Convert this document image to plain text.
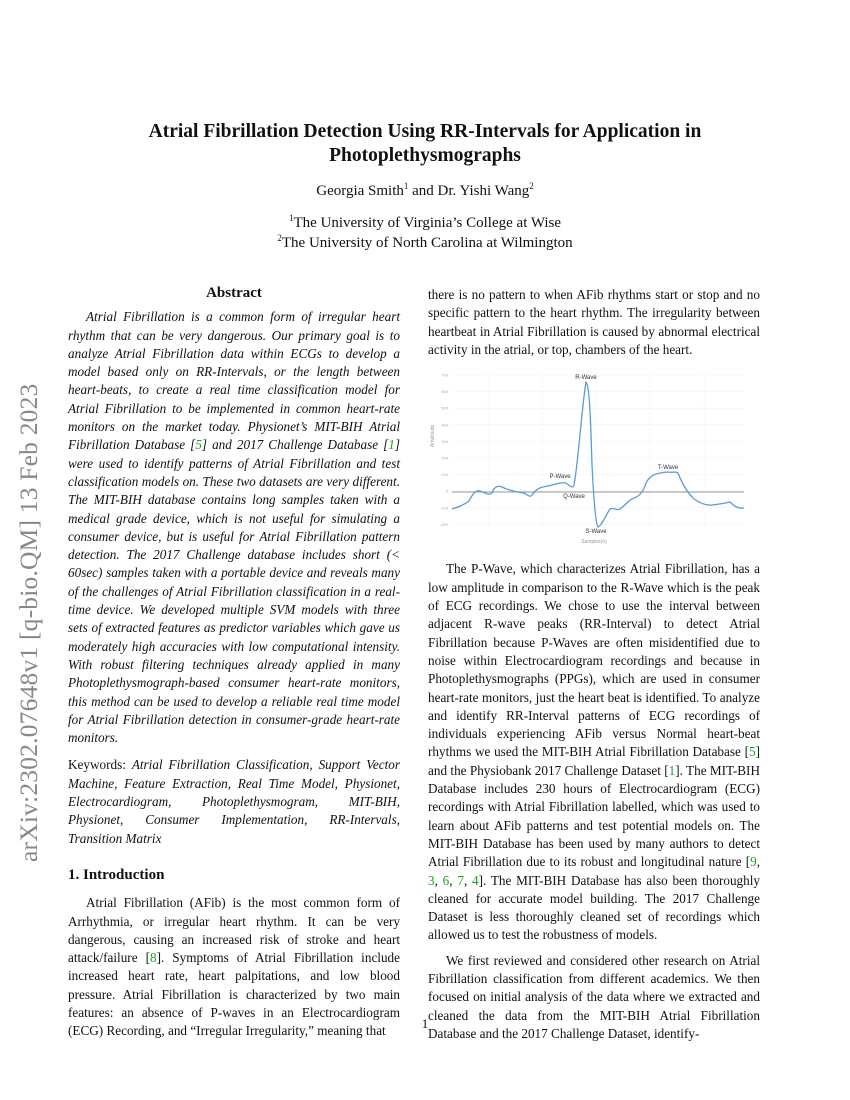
arXiv:2302.07648v1 [q-bio.QM] 13 Feb 2023
Atrial Fibrillation Detection Using RR-Intervals for Application in Photoplethysmographs
Georgia Smith$^1$ and Dr. Yishi Wang$^2$
$^1$The University of Virginia’s College at Wise
$^2$The University of North Carolina at Wilmington
Abstract

Atrial Fibrillation is a common form of irregular heart rhythm that can be very dangerous. Our primary goal is to analyze Atrial Fibrillation data within ECGs to develop a model based only on RR-Intervals, or the length between heart-beats, to create a real time classification model for Atrial Fibrillation to be implemented in common heart-rate monitors on the market today. Physionet’s MIT-BIH Atrial Fibrillation Database [5] and 2017 Challenge Database [1] were used to identify patterns of Atrial Fibrillation and test classification models on. These two datasets are very different. The MIT-BIH database contains long samples taken with a medical grade device, which is not useful for simulating a consumer device, but is useful for Atrial Fibrillation pattern detection. The 2017 Challenge database includes short (< 60sec) samples taken with a portable device and reveals many of the challenges of Atrial Fibrillation classification in a real-time device. We developed multiple SVM models with three sets of extracted features as predictor variables which gave us moderately high accuracies with low computational intensity. With robust filtering techniques already applied in many Photoplethysmograph-based consumer heart-rate monitors, this method can be used to develop a reliable real time model for Atrial Fibrillation detection in consumer-grade heart-rate monitors.

Keywords: Atrial Fibrillation Classification, Support Vector Machine, Feature Extraction, Real Time Model, Physionet, Electrocardiogram, Photoplethysmogram, MIT-BIH, Physionet, Consumer Implementation, RR-Intervals, Transition Matrix

1. Introduction

Atrial Fibrillation (AFib) is the most common form of Arrhythmia, or irregular heart rhythm. It can be very dangerous, causing an increased risk of stroke and heart attack/failure [8]. Symptoms of Atrial Fibrillation include increased heart rate, heart palpitations, and low blood pressure. Atrial Fibrillation is characterized by two main features: an absence of P-waves in an Electrocardiogram (ECG) Recording, and “Irregular Irregularity,” meaning that

there is no pattern to when AFib rhythms start or stop and no specific pattern to the heart rhythm. The irregularity between heartbeat in Atrial Fibrillation is caused by abnormal electrical activity in the atrial, or top, chambers of the heart.

Amplitude
Samples(n)
700
600
500
400
300
200
100
0
-100
-200
R-Wave
P-Wave
Q-Wave
S-Wave
T-Wave

The P-Wave, which characterizes Atrial Fibrillation, has a low amplitude in comparison to the R-Wave which is the peak of ECG recordings. We chose to use the interval between adjacent R-wave peaks (RR-Interval) to detect Atrial Fibrillation because P-Waves are often misidentified due to noise within Electrocardiogram recordings and because in Photoplethysmographs (PPGs), which are used in consumer heart-rate monitors, just the heart beat is identified. To analyze and identify RR-Interval patterns of ECG recordings of individuals experiencing AFib versus Normal heart-beat rhythms we used the MIT-BIH Atrial Fibrillation Database [5] and the Physiobank 2017 Challenge Dataset [1]. The MIT-BIH Database includes 230 hours of Electrocardiogram (ECG) recordings with Atrial Fibrillation labelled, which was used to learn about AFib patterns and test potential models on. The MIT-BIH Database has been used by many authors to detect Atrial Fibrillation due to its robust and longitudinal nature [9, 3, 6, 7, 4]. The MIT-BIH Database has also been thoroughly cleaned for accurate model building. The 2017 Challenge Dataset is less thoroughly cleaned set of recordings which allowed us to test the robustness of models.

We first reviewed and considered other research on Atrial Fibrillation classification from different academics. We then focused on initial analysis of the data where we extracted and cleaned the data from the MIT-BIH Atrial Fibrillation Database and the 2017 Challenge Dataset, identify-

1
